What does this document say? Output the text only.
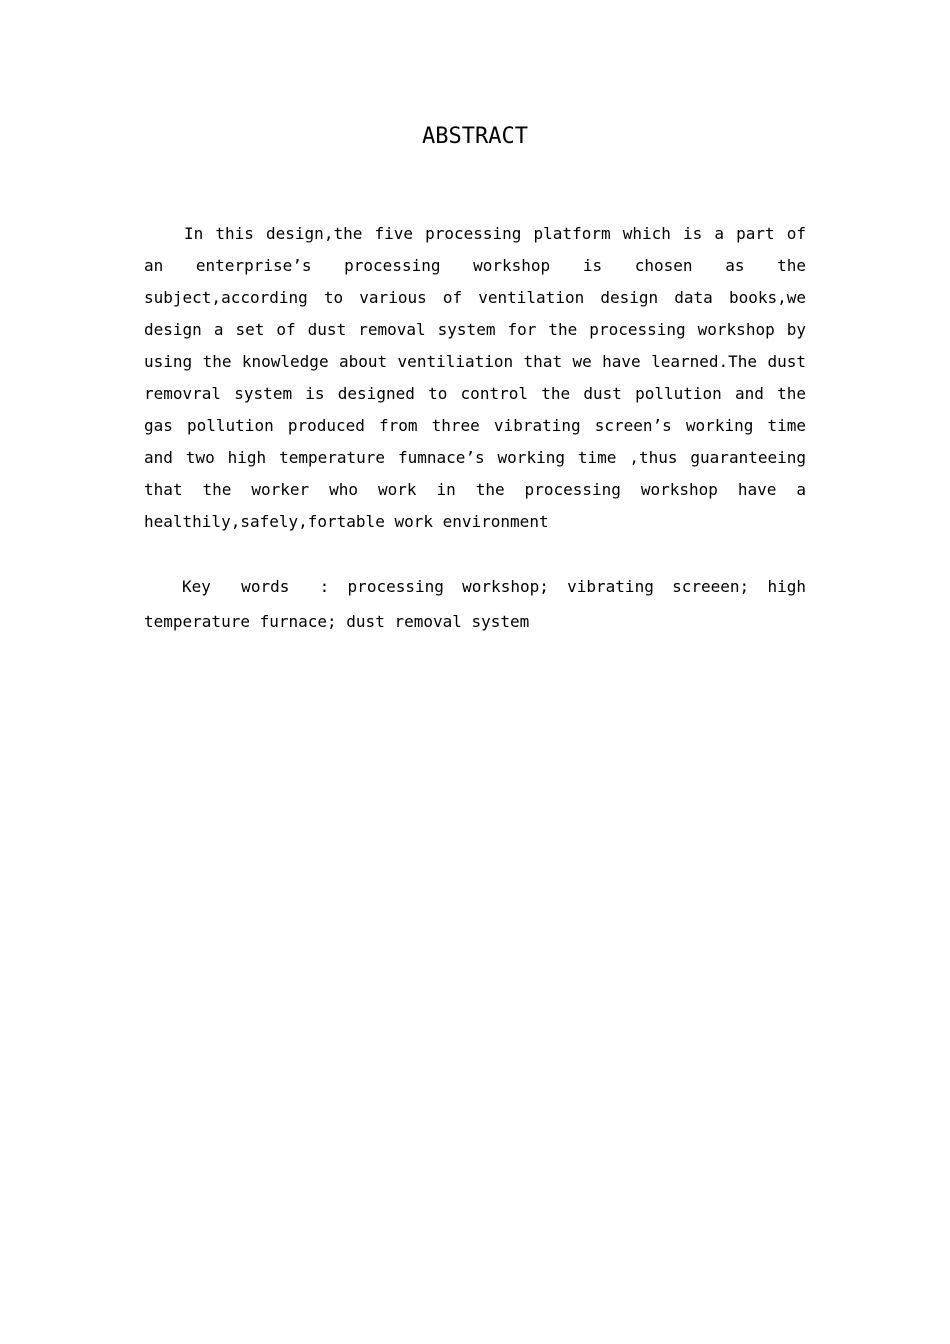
ABSTRACT

In this design,the five processing platform which is a part of an enterprise’s processing workshop is chosen as the subject,according to various of ventilation design data books,we design a set of dust removal system for the processing workshop by using the knowledge about ventiliation that we have learned.The dust removral system is designed to control the dust pollution and the gas pollution produced from three vibrating screen’s working time and two high temperature fumnace’s working time ,thus guaranteeing that the worker who work in the processing workshop have a healthily,safely,fortable work environment

Key words : processing workshop; vibrating screeen; high temperature furnace; dust removal system
